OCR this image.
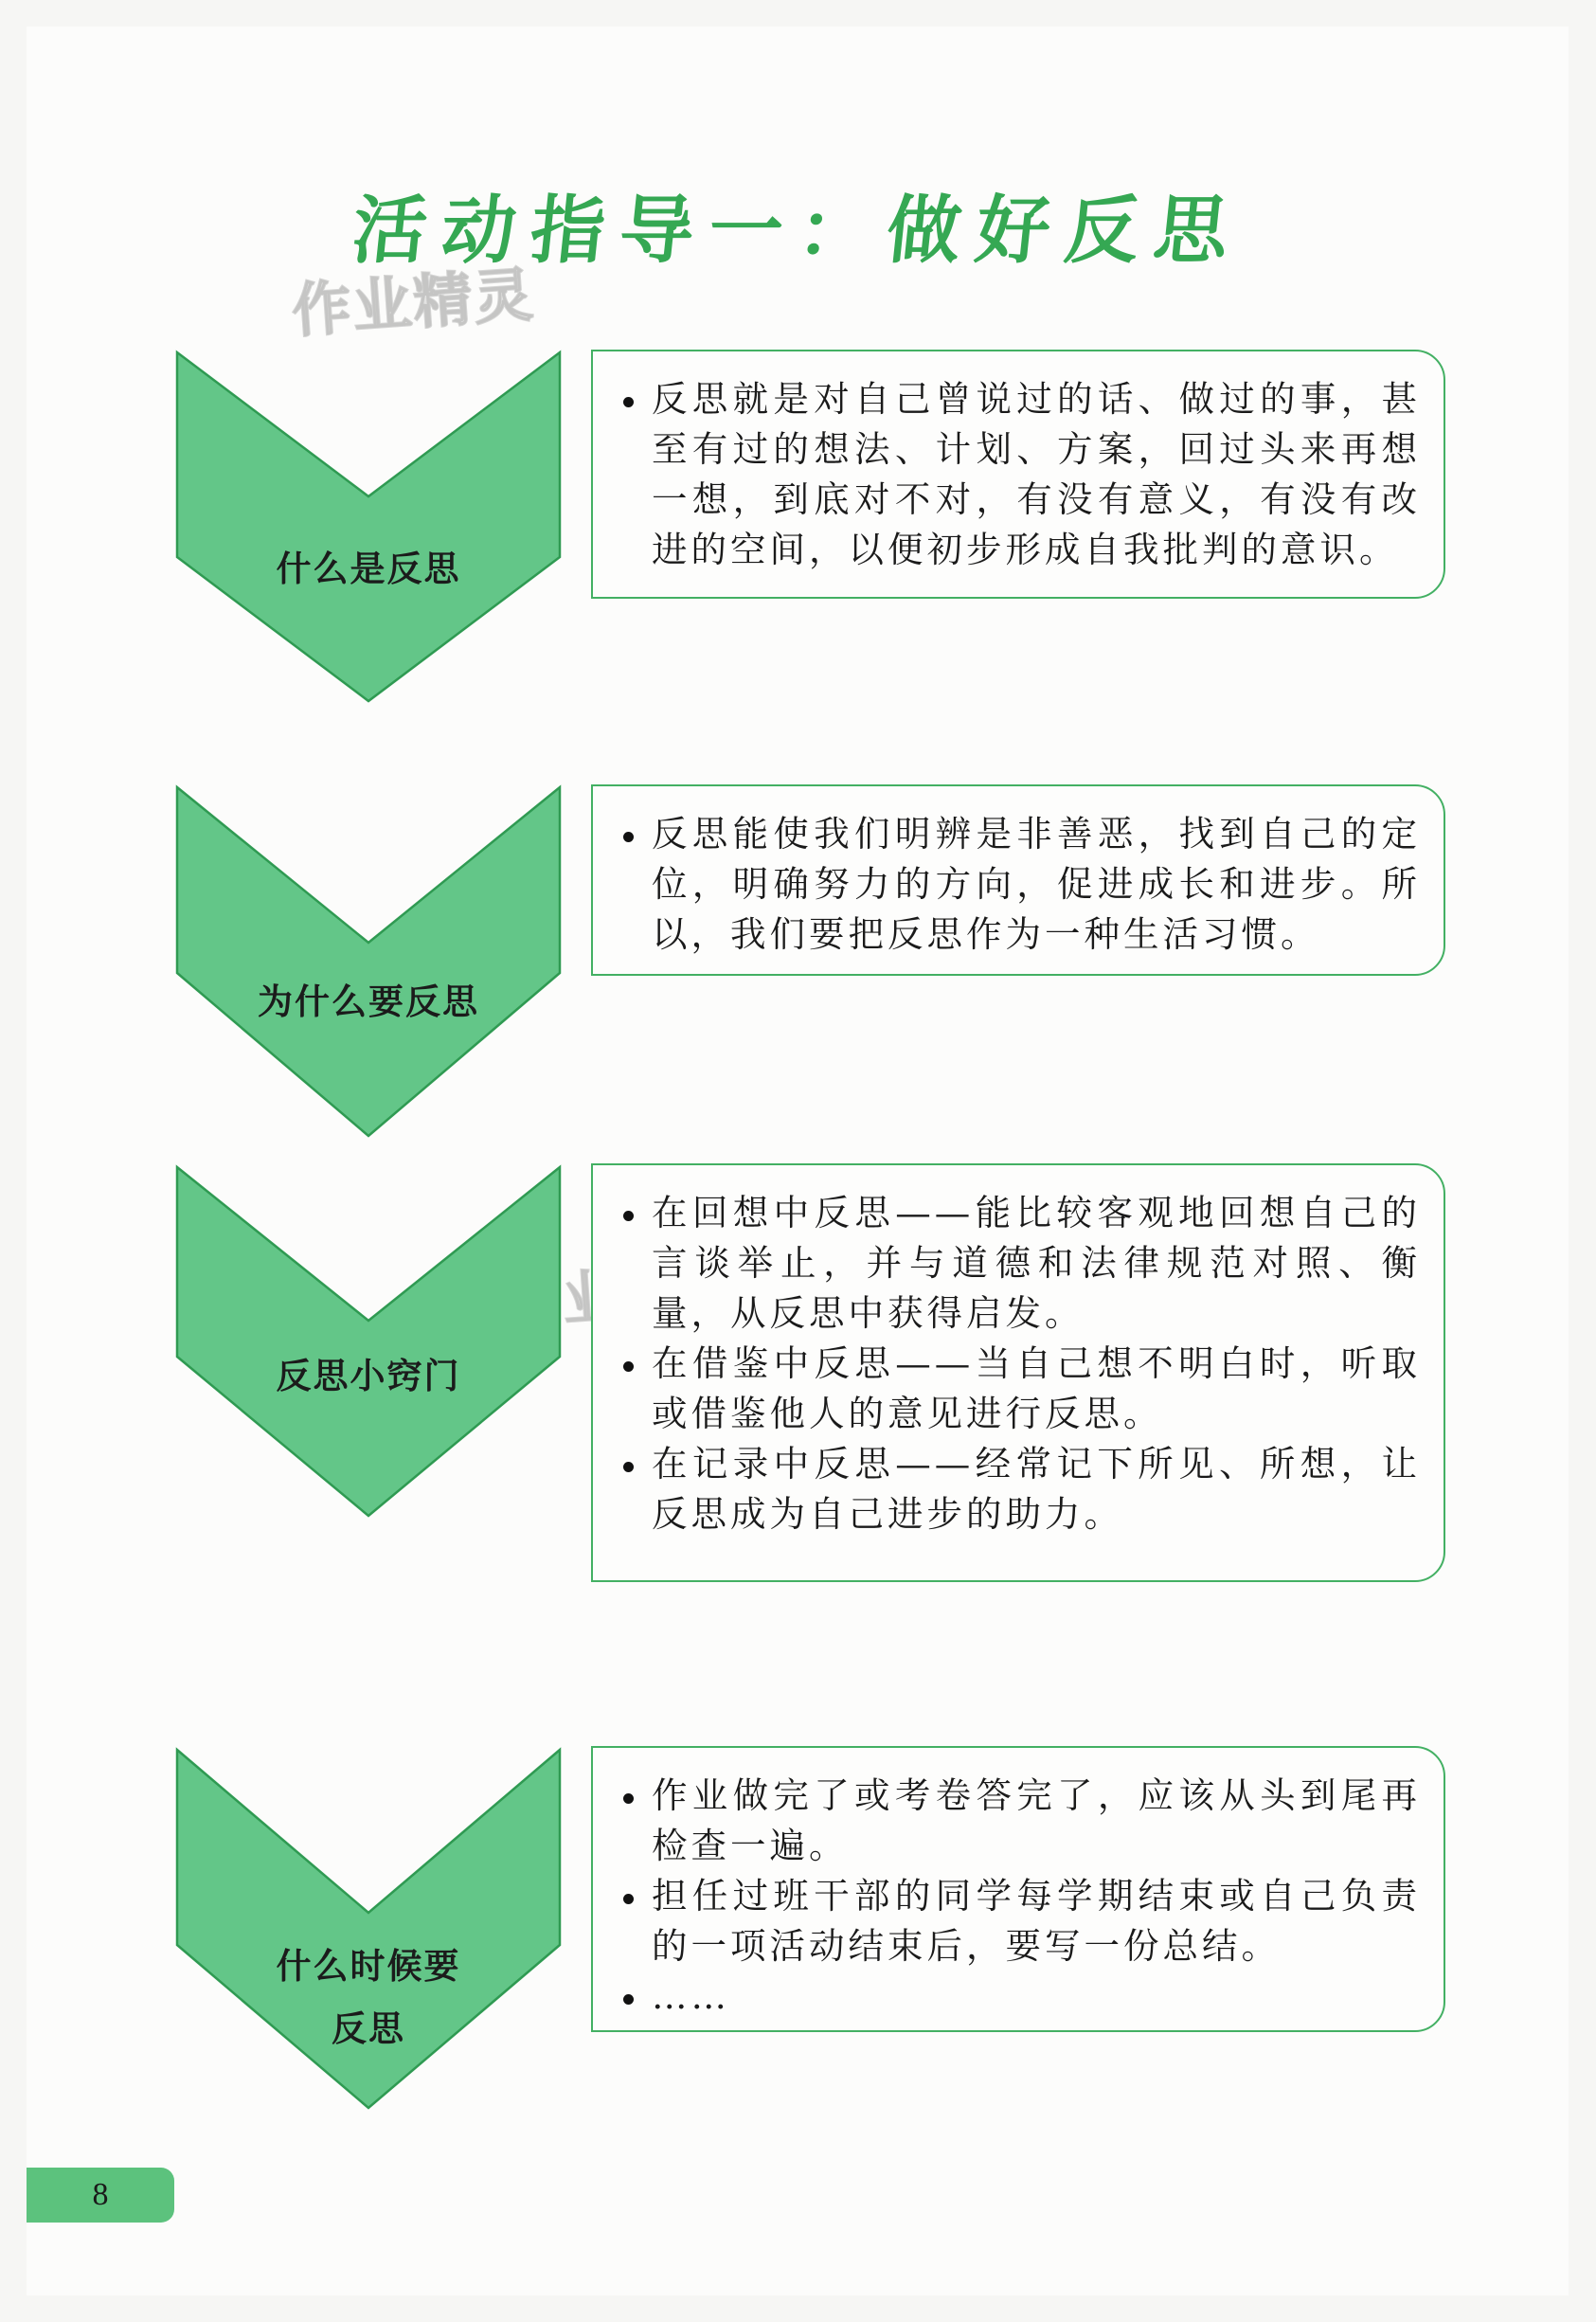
活动指导一：做好反思
作业精灵
什么是反思
反思就是对自己曾说过的话、做过的事，甚至有过的想法、计划、方案，回过头来再想一想，到底对不对，有没有意义，有没有改进的空间，以便初步形成自我批判的意识。
为什么要反思
反思能使我们明辨是非善恶，找到自己的定位，明确努力的方向，促进成长和进步。所以，我们要把反思作为一种生活习惯。
反思小窍门
在回想中反思——能比较客观地回想自己的言谈举止，并与道德和法律规范对照、衡量，从反思中获得启发。
在借鉴中反思——当自己想不明白时，听取或借鉴他人的意见进行反思。
在记录中反思——经常记下所见、所想，让反思成为自己进步的助力。
什么时候要
反思
作业做完了或考卷答完了，应该从头到尾再检查一遍。
担任过班干部的同学每学期结束或自己负责的一项活动结束后，要写一份总结。
……
8
